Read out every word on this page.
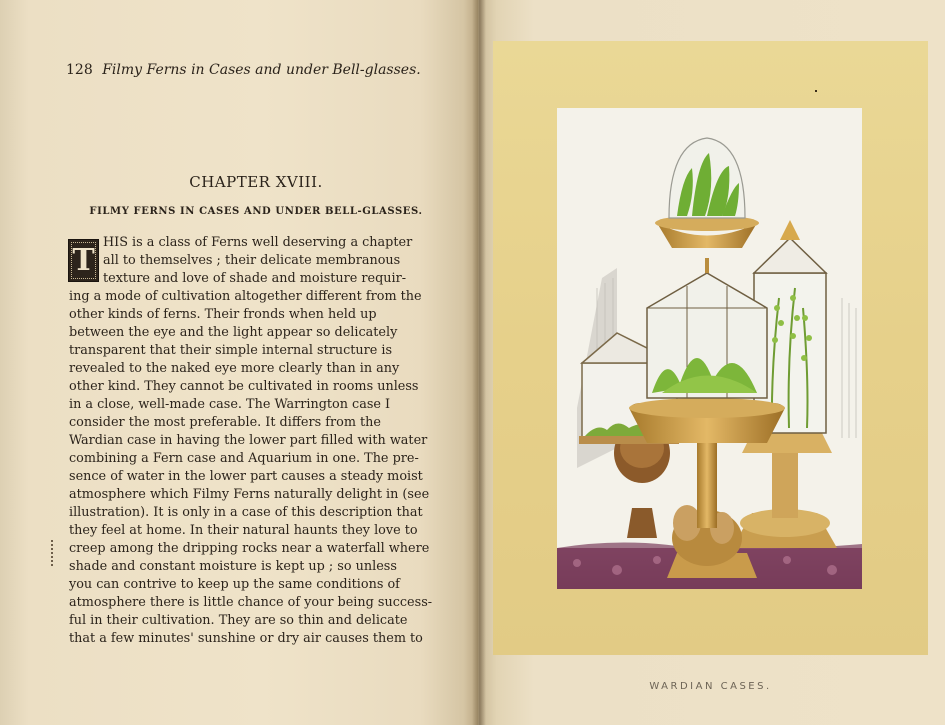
128 Filmy Ferns in Cases and under Bell-glasses.
CHAPTER XVIII.
FILMY FERNS IN CASES AND UNDER BELL-GLASSES.
T HIS is a class of Ferns well deserving a chapter
all to themselves ; their delicate membranous
texture and love of shade and moisture requir-
ing a mode of cultivation altogether different from the
other kinds of ferns. Their fronds when held up
between the eye and the light appear so delicately
transparent that their simple internal structure is
revealed to the naked eye more clearly than in any
other kind. They cannot be cultivated in rooms unless
in a close, well-made case. The Warrington case I
consider the most preferable. It differs from the
Wardian case in having the lower part filled with water
combining a Fern case and Aquarium in one. The pre-
sence of water in the lower part causes a steady moist
atmosphere which Filmy Ferns naturally delight in (see
illustration). It is only in a case of this description that
they feel at home. In their natural haunts they love to
creep among the dripping rocks near a waterfall where
shade and constant moisture is kept up ; so unless
you can contrive to keep up the same conditions of
atmosphere there is little chance of your being success-
ful in their cultivation. They are so thin and delicate
that a few minutes' sunshine or dry air causes them to
WARDIAN CASES.
